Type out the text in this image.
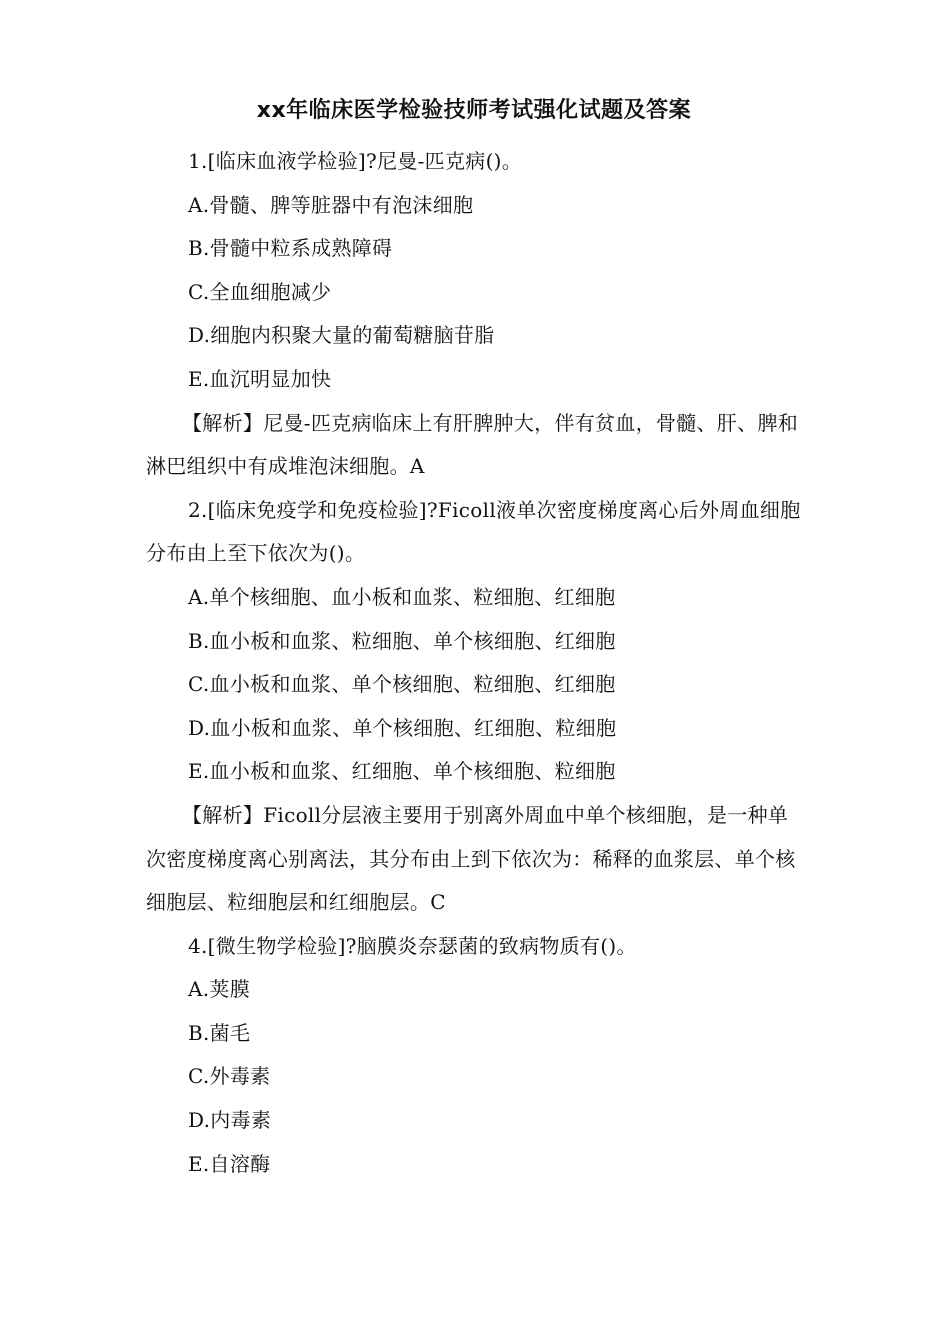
xx年临床医学检验技师考试强化试题及答案

1.[临床血液学检验]?尼曼-匹克病()。

A.骨髓、脾等脏器中有泡沫细胞

B.骨髓中粒系成熟障碍

C.全血细胞减少

D.细胞内积聚大量的葡萄糖脑苷脂

E.血沉明显加快

【解析】尼曼-匹克病临床上有肝脾肿大，伴有贫血，骨髓、肝、脾和淋巴组织中有成堆泡沫细胞。A

2.[临床免疫学和免疫检验]?Ficoll液单次密度梯度离心后外周血细胞分布由上至下依次为()。

A.单个核细胞、血小板和血浆、粒细胞、红细胞

B.血小板和血浆、粒细胞、单个核细胞、红细胞

C.血小板和血浆、单个核细胞、粒细胞、红细胞

D.血小板和血浆、单个核细胞、红细胞、粒细胞

E.血小板和血浆、红细胞、单个核细胞、粒细胞

【解析】Ficoll分层液主要用于别离外周血中单个核细胞，是一种单次密度梯度离心别离法，其分布由上到下依次为：稀释的血浆层、单个核细胞层、粒细胞层和红细胞层。C

4.[微生物学检验]?脑膜炎奈瑟菌的致病物质有()。

A.荚膜

B.菌毛

C.外毒素

D.内毒素

E.自溶酶
